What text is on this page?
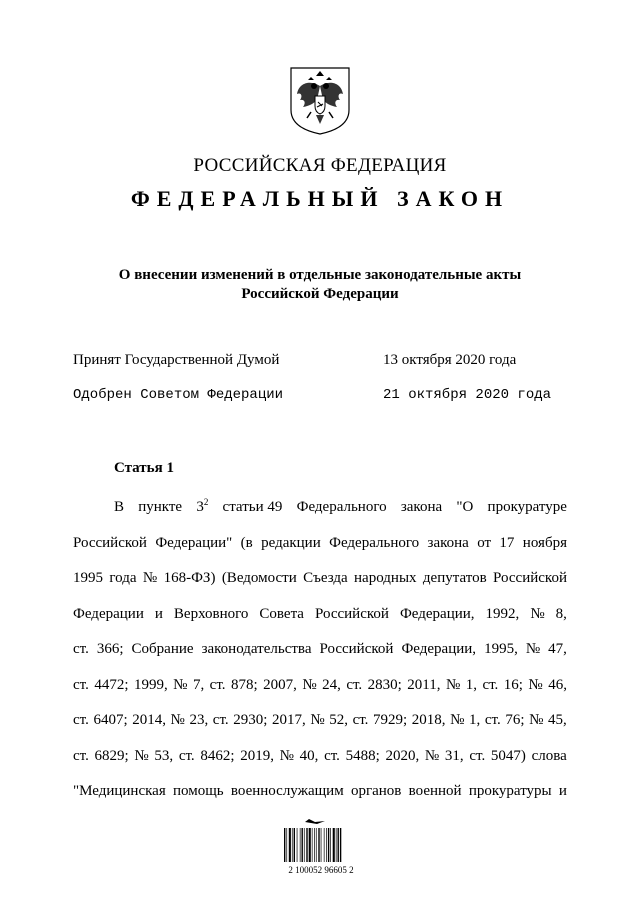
РОССИЙСКАЯ ФЕДЕРАЦИЯ
ФЕДЕРАЛЬНЫЙ ЗАКОН
О внесении изменений в отдельные законодательные акты
Российской Федерации
Принят Государственной Думой	13 октября 2020 года
Одобрен Советом Федерации	21 октября 2020 года
Статья 1
В пункте $3^2$ статьи 49 Федерального закона "О прокуратуре
Российской Федерации" (в редакции Федерального закона от 17 ноября
1995 года № 168-ФЗ) (Ведомости Съезда народных депутатов Российской
Федерации и Верховного Совета Российской Федерации, 1992, № 8,
ст. 366; Собрание законодательства Российской Федерации, 1995, № 47,
ст. 4472; 1999, № 7, ст. 878; 2007, № 24, ст. 2830; 2011, № 1, ст. 16; № 46,
ст. 6407; 2014, № 23, ст. 2930; 2017, № 52, ст. 7929; 2018, № 1, ст. 76; № 45,
ст. 6829; № 53, ст. 8462; 2019, № 40, ст. 5488; 2020, № 31, ст. 5047) слова
"Медицинская помощь военнослужащим органов военной прокуратуры и
2 100052 96605 2
